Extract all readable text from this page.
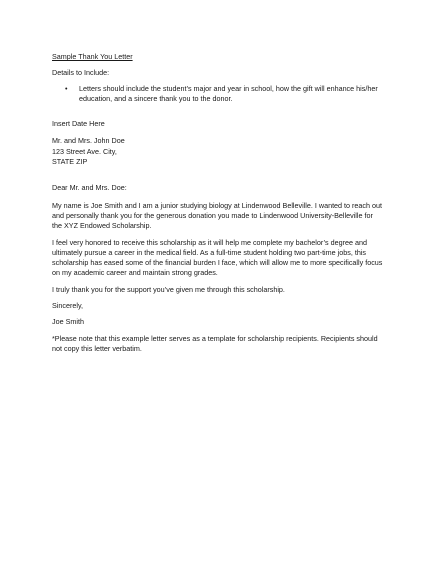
Sample Thank You Letter

Details to Include:

• Letters should include the student’s major and year in school, how the gift will enhance his/her
education, and a sincere thank you to the donor.

Insert Date Here

Mr. and Mrs. John Doe

123 Street Ave. City,

STATE ZIP

Dear Mr. and Mrs. Doe:

My name is Joe Smith and I am a junior studying biology at Lindenwood Belleville. I wanted to reach out
and personally thank you for the generous donation you made to Lindenwood University-Belleville for
the XYZ Endowed Scholarship.
I feel very honored to receive this scholarship as it will help me complete my bachelor’s degree and
ultimately pursue a career in the medical field. As a full-time student holding two part-time jobs, this
scholarship has eased some of the financial burden I face, which will allow me to more specifically focus
on my academic career and maintain strong grades.
I truly thank you for the support you’ve given me through this scholarship.

Sincerely,

Joe Smith

*Please note that this example letter serves as a template for scholarship recipients. Recipients should
not copy this letter verbatim.
